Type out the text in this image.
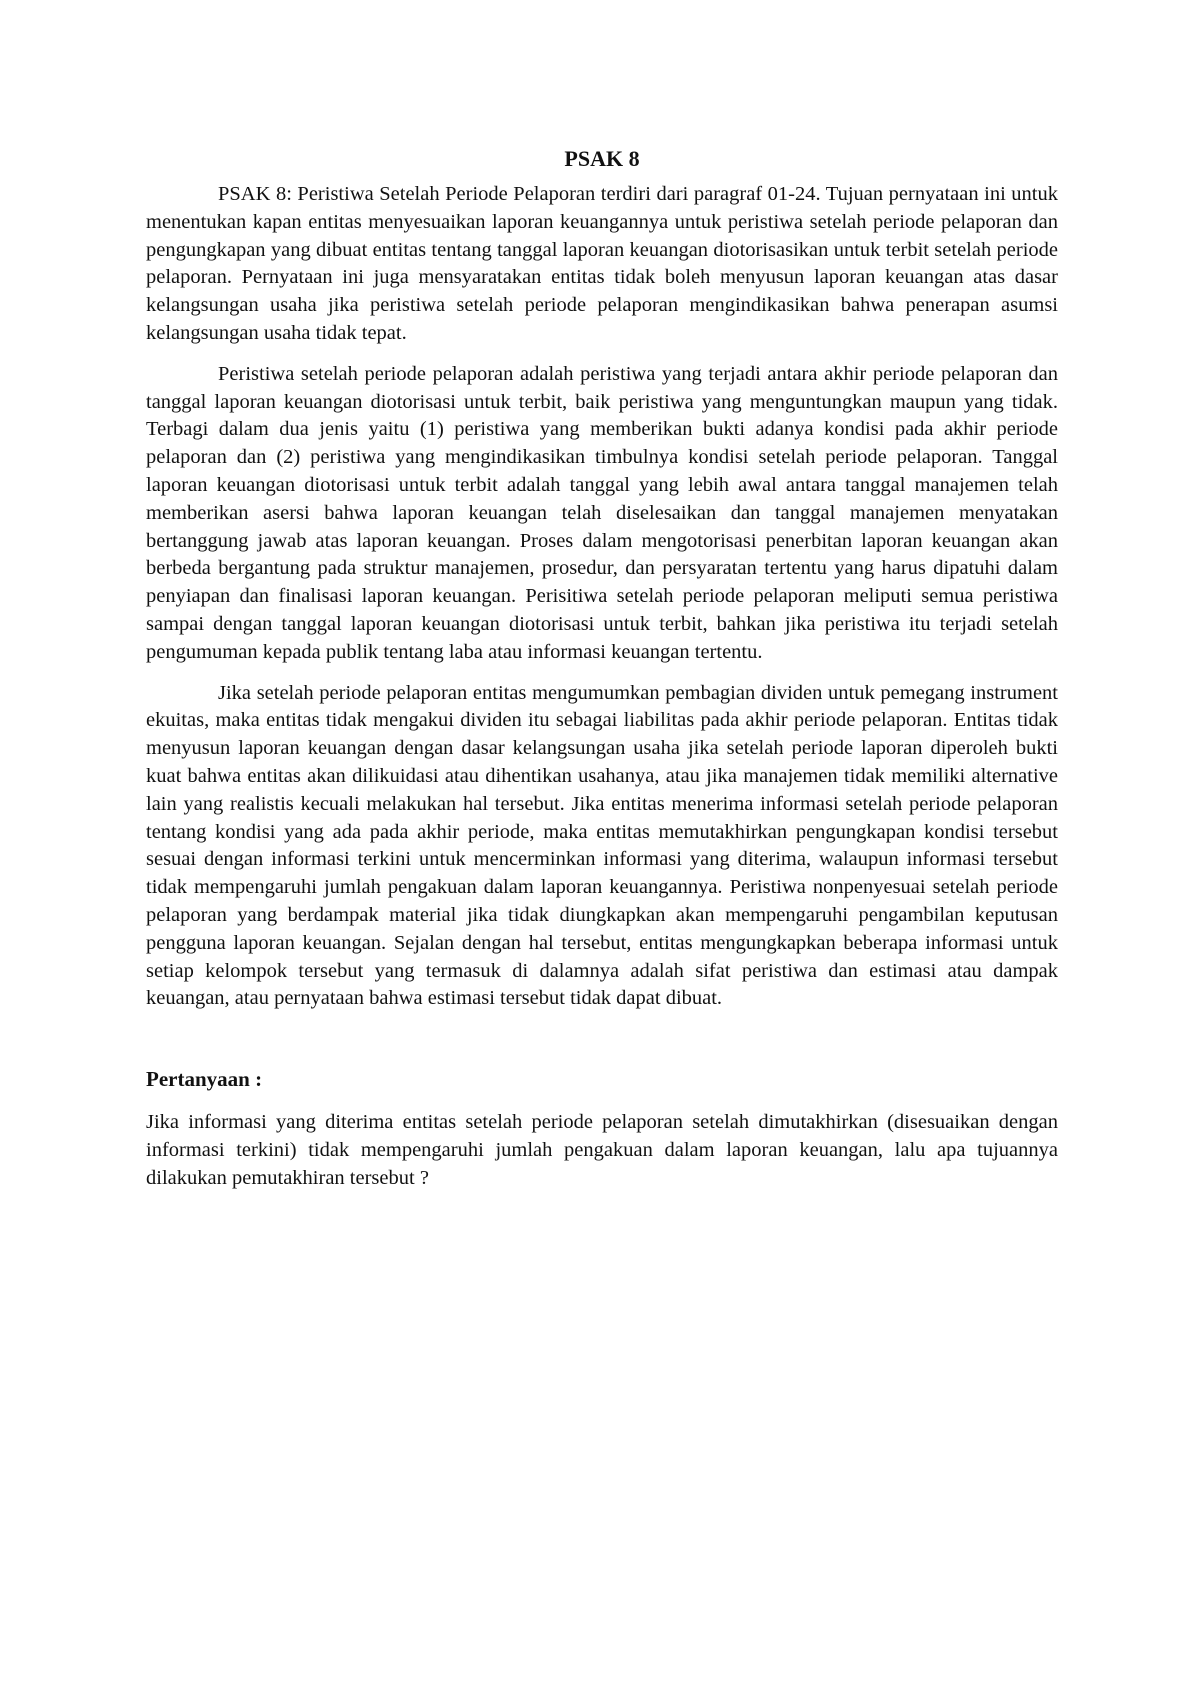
PSAK 8

PSAK 8: Peristiwa Setelah Periode Pelaporan terdiri dari paragraf 01-24. Tujuan pernyataan ini untuk menentukan kapan entitas menyesuaikan laporan keuangannya untuk peristiwa setelah periode pelaporan dan pengungkapan yang dibuat entitas tentang tanggal laporan keuangan diotorisasikan untuk terbit setelah periode pelaporan. Pernyataan ini juga mensyaratakan entitas tidak boleh menyusun laporan keuangan atas dasar kelangsungan usaha jika peristiwa setelah periode pelaporan mengindikasikan bahwa penerapan asumsi kelangsungan usaha tidak tepat.

Peristiwa setelah periode pelaporan adalah peristiwa yang terjadi antara akhir periode pelaporan dan tanggal laporan keuangan diotorisasi untuk terbit, baik peristiwa yang menguntungkan maupun yang tidak. Terbagi dalam dua jenis yaitu (1) peristiwa yang memberikan bukti adanya kondisi pada akhir periode pelaporan dan (2) peristiwa yang mengindikasikan timbulnya kondisi setelah periode pelaporan. Tanggal laporan keuangan diotorisasi untuk terbit adalah tanggal yang lebih awal antara tanggal manajemen telah memberikan asersi bahwa laporan keuangan telah diselesaikan dan tanggal manajemen menyatakan bertanggung jawab atas laporan keuangan. Proses dalam mengotorisasi penerbitan laporan keuangan akan berbeda bergantung pada struktur manajemen, prosedur, dan persyaratan tertentu yang harus dipatuhi dalam penyiapan dan finalisasi laporan keuangan. Perisitiwa setelah periode pelaporan meliputi semua peristiwa sampai dengan tanggal laporan keuangan diotorisasi untuk terbit, bahkan jika peristiwa itu terjadi setelah pengumuman kepada publik tentang laba atau informasi keuangan tertentu.

Jika setelah periode pelaporan entitas mengumumkan pembagian dividen untuk pemegang instrument ekuitas, maka entitas tidak mengakui dividen itu sebagai liabilitas pada akhir periode pelaporan. Entitas tidak menyusun laporan keuangan dengan dasar kelangsungan usaha jika setelah periode laporan diperoleh bukti kuat bahwa entitas akan dilikuidasi atau dihentikan usahanya, atau jika manajemen tidak memiliki alternative lain yang realistis kecuali melakukan hal tersebut. Jika entitas menerima informasi setelah periode pelaporan tentang kondisi yang ada pada akhir periode, maka entitas memutakhirkan pengungkapan kondisi tersebut sesuai dengan informasi terkini untuk mencerminkan informasi yang diterima, walaupun informasi tersebut tidak mempengaruhi jumlah pengakuan dalam laporan keuangannya. Peristiwa nonpenyesuai setelah periode pelaporan yang berdampak material jika tidak diungkapkan akan mempengaruhi pengambilan keputusan pengguna laporan keuangan. Sejalan dengan hal tersebut, entitas mengungkapkan beberapa informasi untuk setiap kelompok tersebut yang termasuk di dalamnya adalah sifat peristiwa dan estimasi atau dampak keuangan, atau pernyataan bahwa estimasi tersebut tidak dapat dibuat.

Pertanyaan :

Jika informasi yang diterima entitas setelah periode pelaporan setelah dimutakhirkan (disesuaikan dengan informasi terkini) tidak mempengaruhi jumlah pengakuan dalam laporan keuangan, lalu apa tujuannya dilakukan pemutakhiran tersebut ?
